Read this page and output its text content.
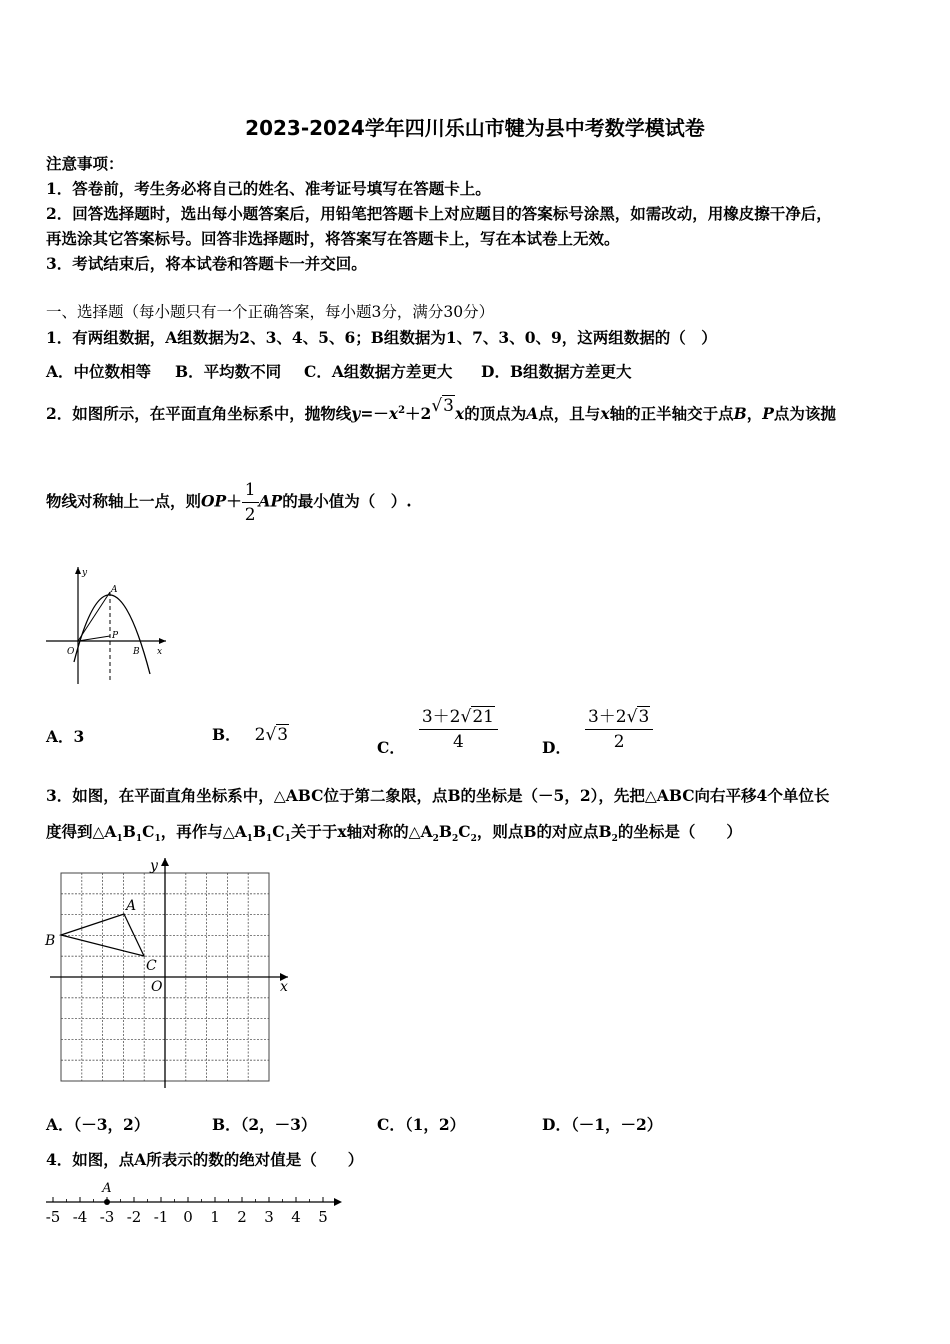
2023-2024学年四川乐山市犍为县中考数学模试卷
注意事项：
1．答卷前，考生务必将自己的姓名、准考证号填写在答题卡上。
2．回答选择题时，选出每小题答案后，用铅笔把答题卡上对应题目的答案标号涂黑，如需改动，用橡皮擦干净后，
再选涂其它答案标号。回答非选择题时，将答案写在答题卡上，写在本试卷上无效。
3．考试结束后，将本试卷和答题卡一并交回。
一、选择题（每小题只有一个正确答案，每小题3分，满分30分）
1．有两组数据，A组数据为2、3、4、5、6；B组数据为1、7、3、0、9，这两组数据的（　）
A．中位数相等 B．平均数不同 C．A组数据方差更大 D．B组数据方差更大
2．如图所示，在平面直角坐标系中，抛物线$y=-x^2+2√3x$的顶点为A点，且与x轴的正半轴交于点B，P点为该抛
物线对称轴上一点，则$OP+ \frac{1}{2}$ AP的最小值为（　）.
y
A
P
O	B x
A．3	B． 2√3
C． $\frac{3+2√21}{4}$	D． $\frac{3+2√3}{2}$
3．如图，在平面直角坐标系中，△ABC位于第二象限，点B的坐标是（－5，2），先把△ABC向右平移4个单位长
度得到$\triangle A_1B_1C_1$，再作与$\triangle A_1B_1C_1$关于于x轴对称的$\triangle A_2B_2C_2$，则点B的对应点$B_2$的坐标是（　　）
y
A
B
C
O	x
A．（－3，2）	B．（2，－3）	C．（1，2）	D．（－1，－2）
4．如图，点A所表示的数的绝对值是（　　）
-5 -4 -3 -2 -1 0 1 2 3 4 5
A
